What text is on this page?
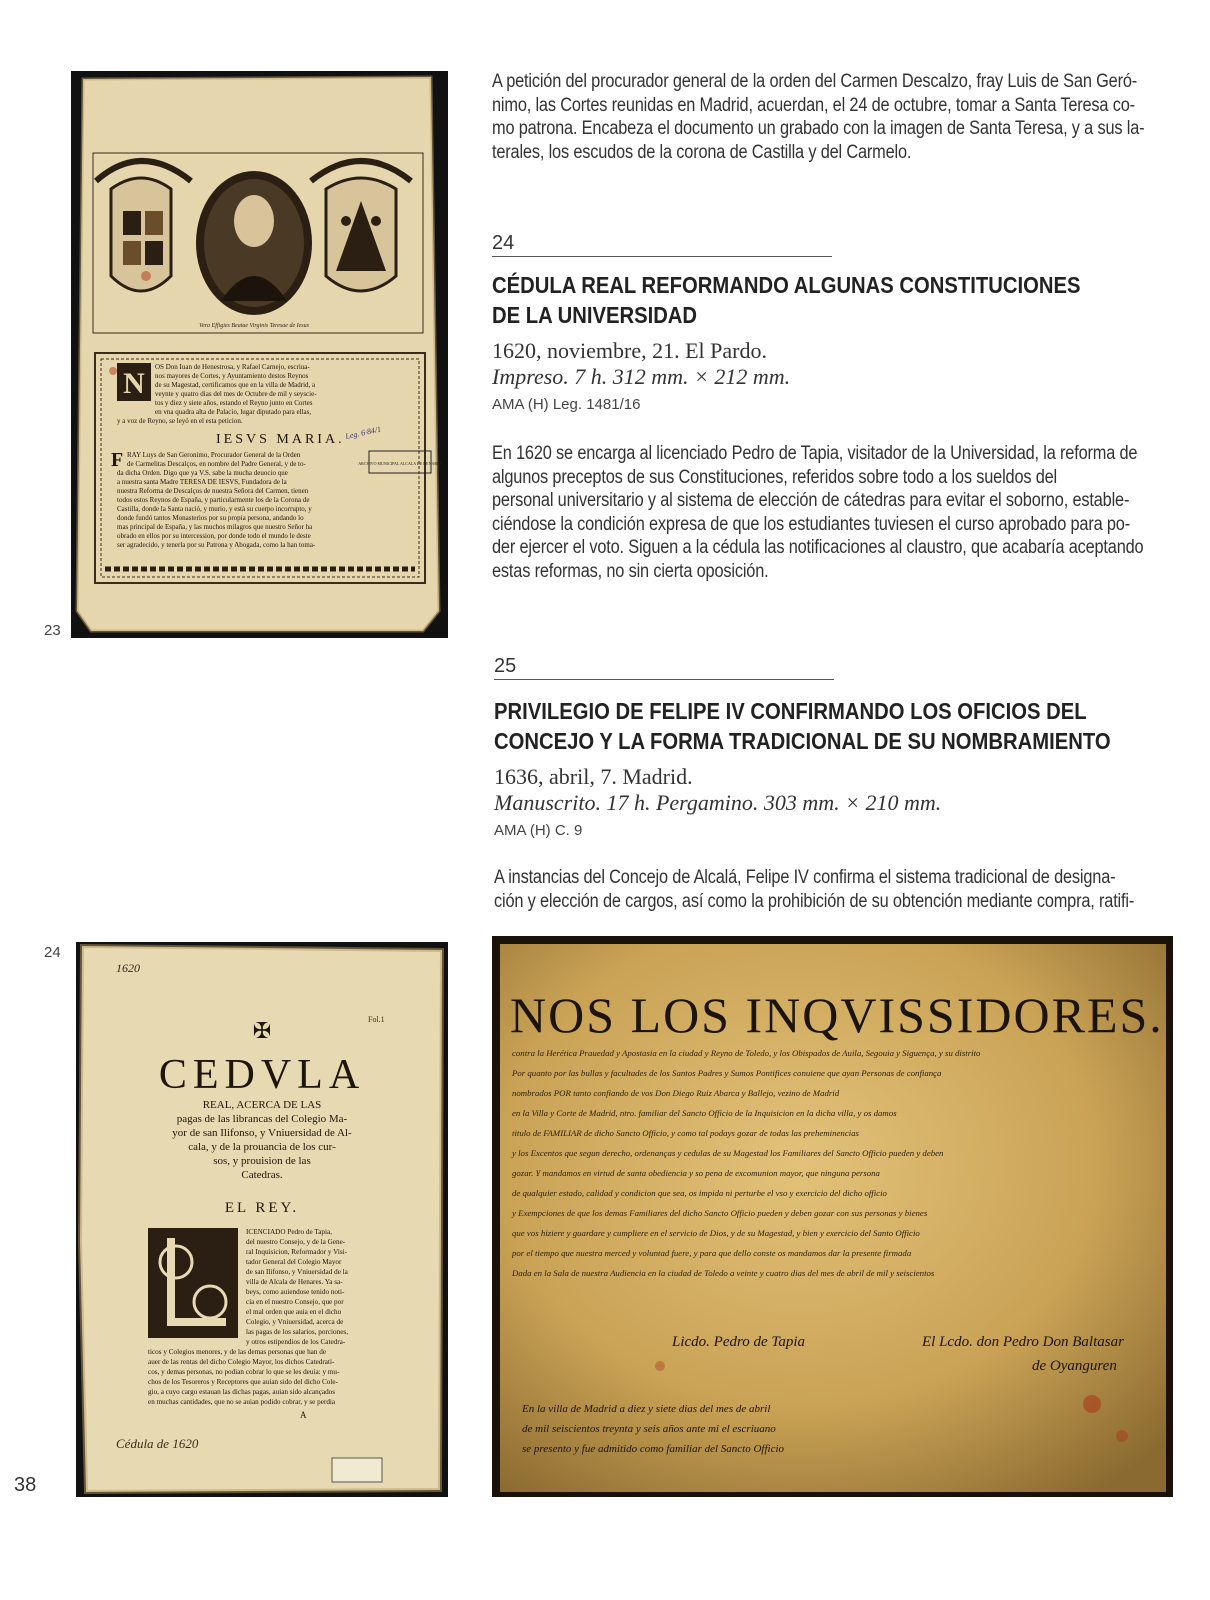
Vera Effigies Beatae Virginis Teresae de Iesus
N OS Don Iuan de Henestrosa, y Rafael Carnejo, escriua-
nos mayores de Cortes, y Ayuntamiento destos Reynos
de su Magestad, certificamos que en la villa de Madrid, a
veynte y quatro dias del mes de Octubre de mil y seyscie-
tos y diez y siete años, estando el Reyno junto en Cortes
en vna quadra alta de Palacio, lugar diputado para ellas,
y a voz de Reyno, se leyó en el esta peticion.
IESVS MARIA. Leg. 6·84/1
ARCHIVO MUNICIPAL ALCALA DE HENARES
F RAY Luys de San Geronimo, Procurador General de la Orden
de Carmelitas Descalços, en nombre del Padre General, y de to-
da dicha Orden. Digo que ya V.S. sabe la mucha deuocio que
a nuestra santa Madre TERESA DE IESVS, Fundadora de la
nuestra Reforma de Descalços de nuestra Señora del Carmen, tienen
todos estos Reynos de España, y particularmente los de la Corona de
Castilla, donde la Santa nació, y murio, y està su cuerpo incorrupto, y
donde fundó tantos Monasterios por su propia persona, andando lo
mas principal de España, y las muchos milagros que nuestro Señor ha
obrado en ellos por su intercession, por donde todo el mundo le deste
ser agradecido, y tenerla por su Patrona y Abogada, como la han toma-
23
A petición del procurador general de la orden del Carmen Descalzo, fray Luis de San Geró-
nimo, las Cortes reunidas en Madrid, acuerdan, el 24 de octubre, tomar a Santa Teresa co-
mo patrona. Encabeza el documento un grabado con la imagen de Santa Teresa, y a sus la-
terales, los escudos de la corona de Castilla y del Carmelo.
24
CÉDULA REAL REFORMANDO ALGUNAS CONSTITUCIONES
DE LA UNIVERSIDAD
1620, noviembre, 21. El Pardo.
Impreso. 7 h. 312 mm. × 212 mm.
AMA (H) Leg. 1481/16
En 1620 se encarga al licenciado Pedro de Tapia, visitador de la Universidad, la reforma de
algunos preceptos de sus Constituciones, referidos sobre todo a los sueldos del
personal universitario y al sistema de elección de cátedras para evitar el soborno, estable-
ciéndose la condición expresa de que los estudiantes tuviesen el curso aprobado para po-
der ejercer el voto. Siguen a la cédula las notificaciones al claustro, que acabaría aceptando
estas reformas, no sin cierta oposición.
25
PRIVILEGIO DE FELIPE IV CONFIRMANDO LOS OFICIOS DEL
CONCEJO Y LA FORMA TRADICIONAL DE SU NOMBRAMIENTO
1636, abril, 7. Madrid.
Manuscrito. 17 h. Pergamino. 303 mm. × 210 mm.
AMA (H) C. 9
A instancias del Concejo de Alcalá, Felipe IV confirma el sistema tradicional de designa-
ción y elección de cargos, así como la prohibición de su obtención mediante compra, ratifi-
24
1620
Fol.1
✠
CEDVLA
REAL, ACERCA DE LAS
pagas de las librancas del Colegio Ma-
yor de san Ilifonso, y Vniuersidad de Al-
cala, y de la prouancia de los cur-
sos, y prouision de las
Catedras.
EL REY.
ICENCIADO Pedro de Tapia,
del nuestro Consejo, y de la Gene-
ral Inquisicion, Reformador y Visi-
tador General del Colegio Mayor
de san Ilifonso, y Vniuersidad de la
villa de Alcala de Henares. Ya sa-
beys, como auiendose tenido noti-
cia en el nuestro Consejo, que por
el mal orden que auia en el dicho
Colegio, y Vniuersidad, acerca de
las pagas de los salarios, porciones,
y otros estipendios de los Catedra-
ticos y Colegios menores, y de las demas personas que han de
auer de las rentas del dicho Colegio Mayor, los dichos Catedrati-
cos, y demas personas, no podian cobrar lo que se les deuia: y mu-
chos de los Tesoreros y Receptores que auian sido del dicho Cole-
gio, a cuyo cargo estauan las dichas pagas, auian sido alcançados
en muchas cantidades, que no se auian podido cobrar, y se perdia
A
Cédula de 1620
NOS LOS INQVISSIDORES.
contra la Herética Prauedad y Apostasia en la ciudad y Reyno de Toledo, y los Obispados de Auila, Segouia y Siguença, y su distrito
Por quanto por las bullas y facultades de los Santos Padres y Sumos Pontifices conuiene que ayan Personas de confiança
nombrados POR tanto confiando de vos Don Diego Ruiz Abarca y Ballejo, vezino de Madrid
en la Villa y Corte de Madrid, ntro. familiar del Sancto Officio de la Inquisicion en la dicha villa, y os damos
titulo de FAMILIAR de dicho Sancto Officio, y como tal podays gozar de todas las preheminencias
y los Excentos que segun derecho, ordenanças y cedulas de su Magestad los Familiares del Sancto Officio pueden y deben
gozar. Y mandamos en virtud de santa obediencia y so pena de excomunion mayor, que ninguna persona
de qualquier estado, calidad y condicion que sea, os impida ni perturbe el vso y exercicio del dicho officio
y Exempciones de que los demas Familiares del dicho Sancto Officio pueden y deben gozar con sus personas y bienes
que vos hiziere y guardare y cumpliere en el servicio de Dios, y de su Magestad, y bien y exercicio del Santo Officio
por el tiempo que nuestra merced y voluntad fuere, y para que dello conste os mandamos dar la presente firmada
Dada en la Sala de nuestra Audiencia en la ciudad de Toledo a veinte y cuatro dias del mes de abril de mil y seiscientos
Licdo. Pedro de Tapia	El Lcdo. don Pedro Don Baltasar
de Oyanguren
En la villa de Madrid a diez y siete dias del mes de abril
de mil seiscientos treynta y seis años ante mi el escriuano
se presento y fue admitido como familiar del Sancto Officio
38
